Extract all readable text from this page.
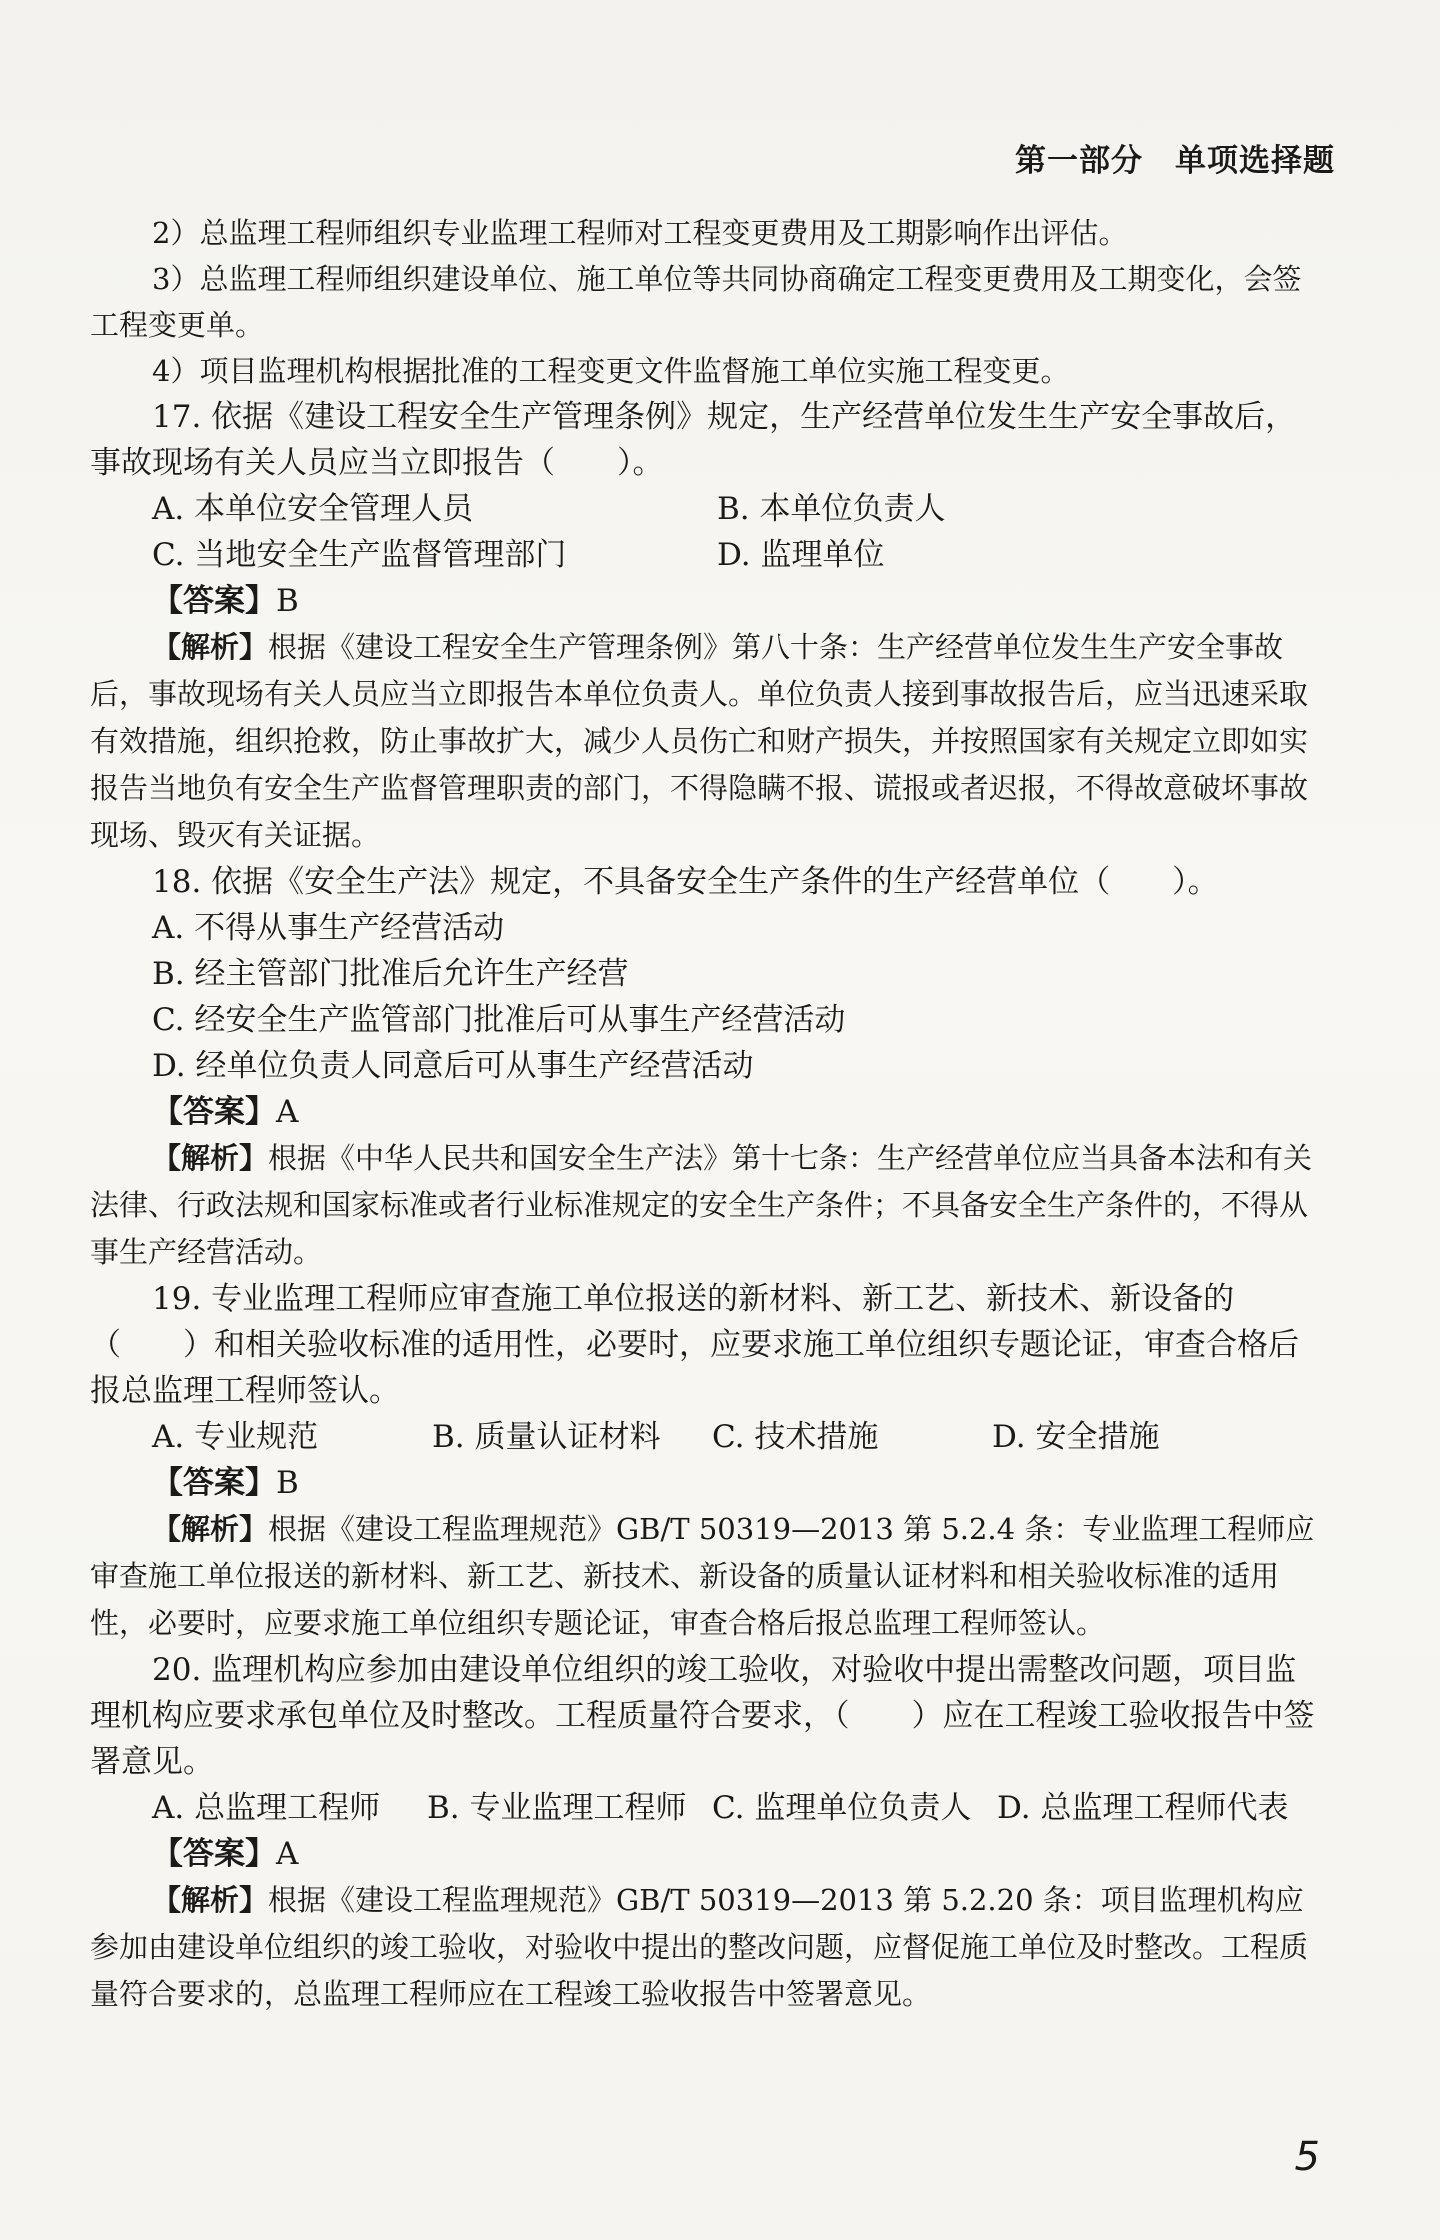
第一部分　单项选择题

2）总监理工程师组织专业监理工程师对工程变更费用及工期影响作出评估。

3）总监理工程师组织建设单位、施工单位等共同协商确定工程变更费用及工期变化，会签工程变更单。

4）项目监理机构根据批准的工程变更文件监督施工单位实施工程变更。

17. 依据《建设工程安全生产管理条例》规定，生产经营单位发生生产安全事故后，事故现场有关人员应当立即报告（　　）。

A. 本单位安全管理人员	B. 本单位负责人
C. 当地安全生产监督管理部门	D. 监理单位

【答案】B

【解析】根据《建设工程安全生产管理条例》第八十条：生产经营单位发生生产安全事故后，事故现场有关人员应当立即报告本单位负责人。单位负责人接到事故报告后，应当迅速采取有效措施，组织抢救，防止事故扩大，减少人员伤亡和财产损失，并按照国家有关规定立即如实报告当地负有安全生产监督管理职责的部门，不得隐瞒不报、谎报或者迟报，不得故意破坏事故现场、毁灭有关证据。

18. 依据《安全生产法》规定，不具备安全生产条件的生产经营单位（　　）。

A. 不得从事生产经营活动

B. 经主管部门批准后允许生产经营

C. 经安全生产监管部门批准后可从事生产经营活动

D. 经单位负责人同意后可从事生产经营活动

【答案】A

【解析】根据《中华人民共和国安全生产法》第十七条：生产经营单位应当具备本法和有关法律、行政法规和国家标准或者行业标准规定的安全生产条件；不具备安全生产条件的，不得从事生产经营活动。

19. 专业监理工程师应审查施工单位报送的新材料、新工艺、新技术、新设备的（　　）和相关验收标准的适用性，必要时，应要求施工单位组织专题论证，审查合格后报总监理工程师签认。

A. 专业规范	B. 质量认证材料	C. 技术措施	D. 安全措施

【答案】B

【解析】根据《建设工程监理规范》GB/T 50319—2013 第 5.2.4 条：专业监理工程师应审查施工单位报送的新材料、新工艺、新技术、新设备的质量认证材料和相关验收标准的适用性，必要时，应要求施工单位组织专题论证，审查合格后报总监理工程师签认。

20. 监理机构应参加由建设单位组织的竣工验收，对验收中提出需整改问题，项目监理机构应要求承包单位及时整改。工程质量符合要求，（　　）应在工程竣工验收报告中签署意见。

A. 总监理工程师	B. 专业监理工程师 C. 监理单位负责人 D. 总监理工程师代表

【答案】A

【解析】根据《建设工程监理规范》GB/T 50319—2013 第 5.2.20 条：项目监理机构应参加由建设单位组织的竣工验收，对验收中提出的整改问题，应督促施工单位及时整改。工程质量符合要求的，总监理工程师应在工程竣工验收报告中签署意见。

5
